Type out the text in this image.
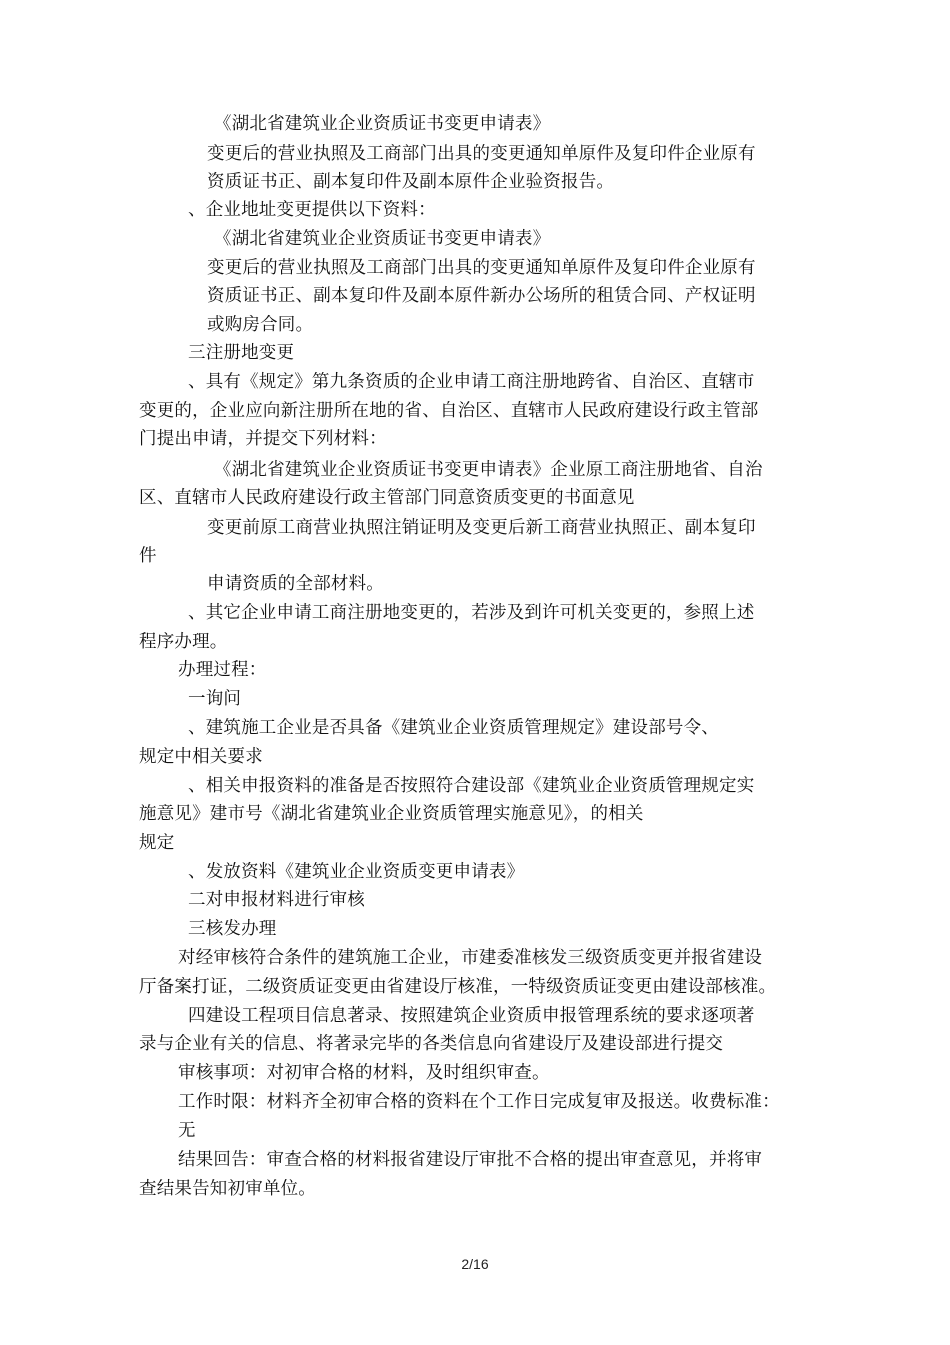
《湖北省建筑业企业资质证书变更申请表》
变更后的营业执照及工商部门出具的变更通知单原件及复印件企业原有
资质证书正、副本复印件及副本原件企业验资报告。
、企业地址变更提供以下资料：
《湖北省建筑业企业资质证书变更申请表》
变更后的营业执照及工商部门出具的变更通知单原件及复印件企业原有
资质证书正、副本复印件及副本原件新办公场所的租赁合同、产权证明
或购房合同。
三注册地变更
、具有《规定》第九条资质的企业申请工商注册地跨省、自治区、直辖市
变更的，企业应向新注册所在地的省、自治区、直辖市人民政府建设行政主管部
门提出申请，并提交下列材料：
《湖北省建筑业企业资质证书变更申请表》企业原工商注册地省、自治
区、直辖市人民政府建设行政主管部门同意资质变更的书面意见
变更前原工商营业执照注销证明及变更后新工商营业执照正、副本复印
件
申请资质的全部材料。
、其它企业申请工商注册地变更的，若涉及到许可机关变更的，参照上述
程序办理。
办理过程：
一询问
、建筑施工企业是否具备《建筑业企业资质管理规定》建设部号令、
规定中相关要求
、相关申报资料的准备是否按照符合建设部《建筑业企业资质管理规定实
施意见》建市号《湖北省建筑业企业资质管理实施意见》，的相关
规定
、发放资料《建筑业企业资质变更申请表》
二对申报材料进行审核
三核发办理
对经审核符合条件的建筑施工企业，市建委准核发三级资质变更并报省建设
厅备案打证，二级资质证变更由省建设厅核准，一特级资质证变更由建设部核准。
四建设工程项目信息著录、按照建筑企业资质申报管理系统的要求逐项著
录与企业有关的信息、将著录完毕的各类信息向省建设厅及建设部进行提交
审核事项：对初审合格的材料，及时组织审查。
工作时限：材料齐全初审合格的资料在个工作日完成复审及报送。收费标准：
无
结果回告：审查合格的材料报省建设厅审批不合格的提出审查意见，并将审
查结果告知初审单位。
2/16
